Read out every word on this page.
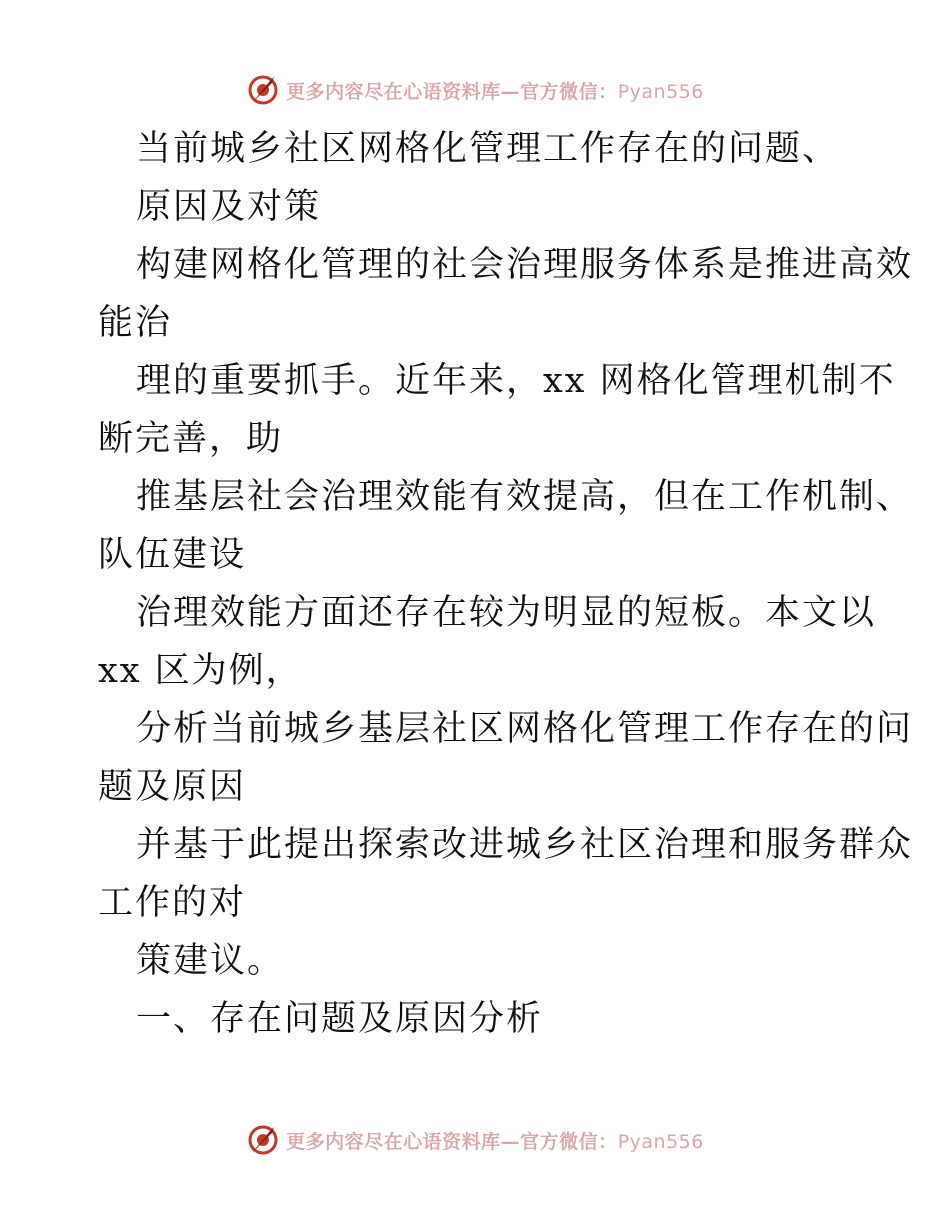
更多内容尽在心语资料库—官方微信：Pyan556
当前城乡社区网格化管理工作存在的问题、
原因及对策
构建网格化管理的社会治理服务体系是推进高效
能治
理的重要抓手。近年来，xx 网格化管理机制不
断完善，助
推基层社会治理效能有效提高，但在工作机制、
队伍建设
治理效能方面还存在较为明显的短板。本文以
xx 区为例，
分析当前城乡基层社区网格化管理工作存在的问
题及原因
并基于此提出探索改进城乡社区治理和服务群众
工作的对
策建议。
一、存在问题及原因分析
更多内容尽在心语资料库—官方微信：Pyan556
